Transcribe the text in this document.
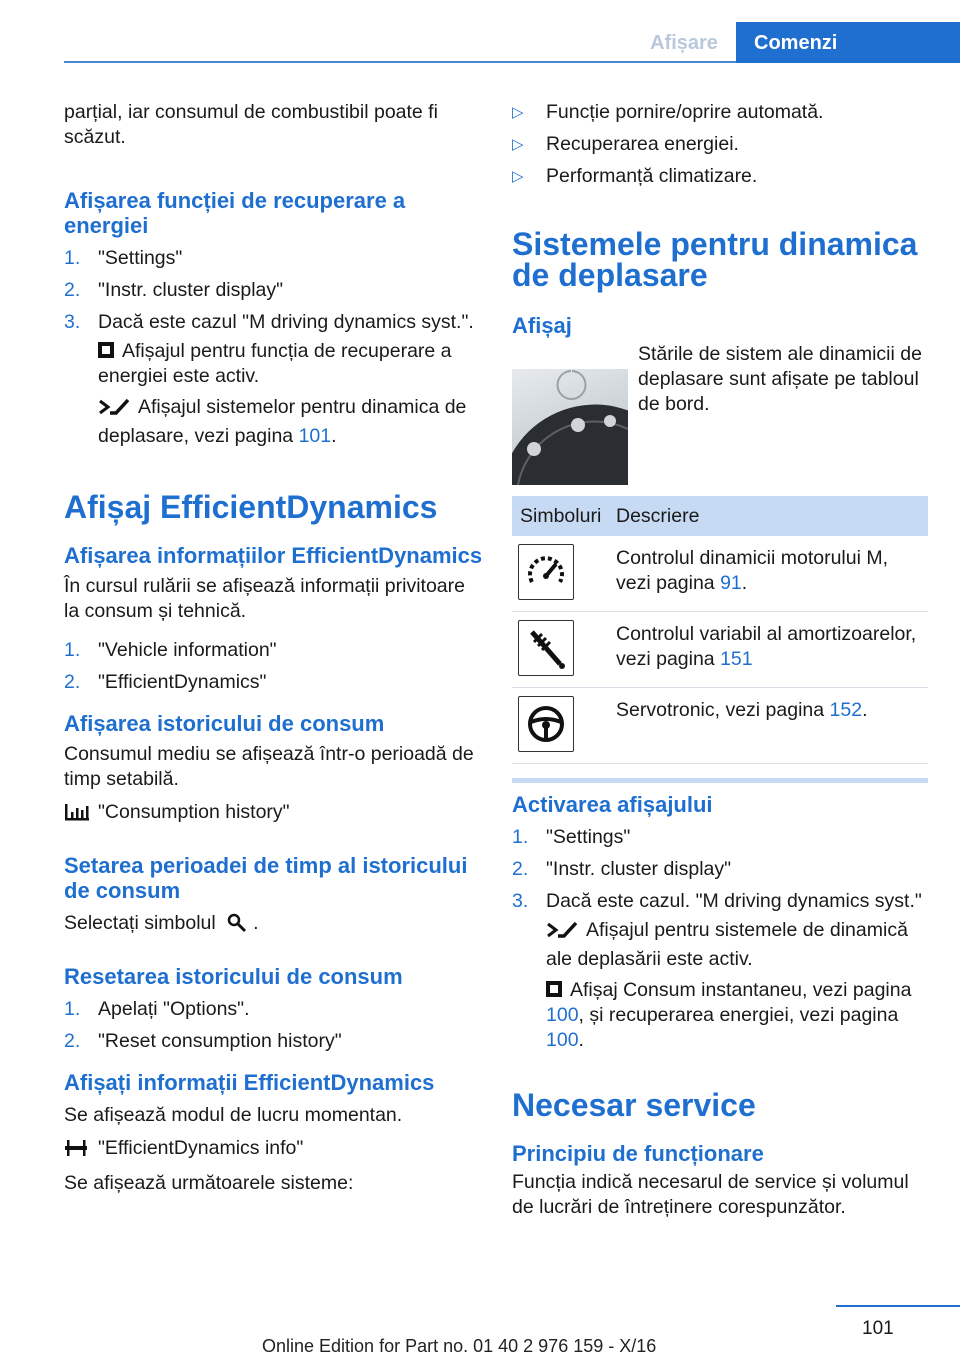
Afișare	Comenzi

parțial, iar consumul de combustibil poate fi scăzut.

Afișarea funcției de recuperare a energiei
1. "Settings"
2. "Instr. cluster display"
3. Dacă este cazul "M driving dynamics syst.".
Afișajul pentru funcția de recuperare a energiei este activ.
Afișajul sistemelor pentru dinamica de deplasare, vezi pagina 101.
Afișaj EfficientDynamics
Afișarea informațiilor EfficientDynamics

În cursul rulării se afișează informații privitoare la consum și tehnică.

1. "Vehicle information"
2. "EfficientDynamics"
Afișarea istoricului de consum

Consumul mediu se afișează într-o perioadă de timp setabilă.

"Consumption history"
Setarea perioadei de timp al istoricului de consum

Selectați simbolul .

Resetarea istoricului de consum
1. Apelați "Options".
2. "Reset consumption history"
Afișați informații EfficientDynamics

Se afișează modul de lucru momentan.

"EfficientDynamics info"

Se afișează următoarele sisteme:

▷ Funcție pornire/oprire automată.
▷ Recuperarea energiei.
▷ Performanță climatizare.
Sistemele pentru dinamica de deplasare
Afișaj

Stările de sistem ale dinamicii de deplasare sunt afișate pe tabloul de bord.

Simboluri Descriere
Controlul dinamicii motorului M, vezi pagina 91.
Controlul variabil al amortizoarelor, vezi pagina 151
Servotronic, vezi pagina 152.
Activarea afișajului
1. "Settings"
2. "Instr. cluster display"
3. Dacă este cazul. "M driving dynamics syst."
Afișajul pentru sistemele de dinamică ale deplasării este activ.
Afișaj Consum instantaneu, vezi pagina 100, și recuperarea energiei, vezi pagina 100.
Necesar service
Principiu de funcționare

Funcția indică necesarul de service și volumul de lucrări de întreținere corespunzător.

101
Online Edition for Part no. 01 40 2 976 159 - X/16
